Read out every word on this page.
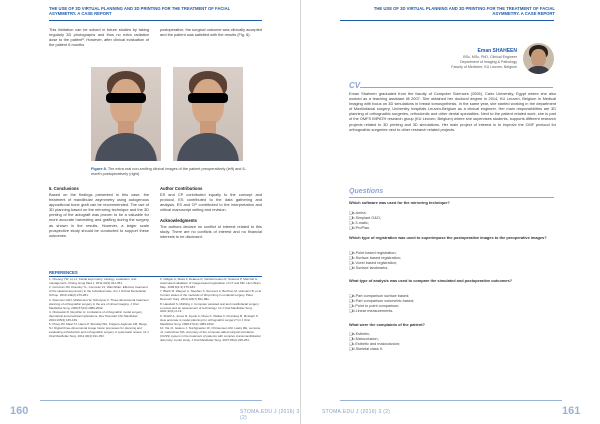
THE USE OF 3D VIRTUAL PLANNING AND 3D PRINTING FOR THE TREATMENT OF FACIAL ASYMMETRY. A CASE REPORT
This limitation can be solved in future studies by taking regularly 3D photographs and thus no extra radiation dose to the patient⁸. However, after clinical evaluation of the patient 6 months
postoperative, the surgical outcome was clinically accepted and the patient was satisfied with the results (Fig. 8).
Figure 8. The extra oral non-smiling clinical images of the patient preoperatively (left) and 6-month postoperatively (right).
5. Conclusions
Based on the findings presented in this case, the treatment of mandibular asymmetry using autogenous appositional bone graft can be recommended. The use of 3D planning based on the mirroring technique and the 3D printing of the autograft was proven to be a valuable for more accurate harvesting and grafting during the surgery as shown in the results. However, a larger scale prospective study should be conducted to support these outcomes.
Author Contributions
ES and CP contributed equally to the concept and protocol. ES contributed to the data gathering and analysis. ES and CP contributed to the interpretation and critical manuscript writing and revision.
Acknowledgments
The authors declare no conflict of interest related to this study. There are no conflicts of interest and no financial interests to be disclosed.
REFERENCES
1. Cheong YW, Lo LJ. Facial asymmetry: etiology, evaluation, and management. Chang Gung Med J. 2011;34(4):341-351.
2. Corcoran JM, Klomsky YL, Corcoran VJ, Warchilder. Effective treatment of the skeletal asymmetry in the individual case. Am J Orthod Dentofacial Orthop. 2016;149(2):276-281.
3. Swennen GRJ, Mollemans W, Schutyser F. Three-dimensional treatment planning of orthognathic surgery in the era of virtual imaging. J Oral Maxillofac Surg. 2009;67(10):2080-2092.
4. Olszewski R, Reychler H. Limitations of orthognathic model surgery: theoretical and practical implications. Rev Stomatol Chir Maxillofac. 2004;105(3):165-169.
5. Plooij JM, Maal TJ, Haers P, Borstlap WA, Kuijpers-Jagtman AM, Berge SJ. Digital three-dimensional image fusion processes for planning and evaluating orthodontics and orthognathic surgery. A systematic review. Int J Oral Maxillofac Surg. 2011;40(4):341-352.
6. Gilligan A, Maes F, Delaere D, Vandermeulen D, Suetens P. Marchal G. Automated validation of image-based registration of CT and MR. Hum Brain Map. 1999;8(2-3):175-183.
7. Blach M, Wagner A, Stephan S, Stenvers A, Buchner M, Hofmann B, et al. Current status of the methods of 3D-printing in orofacial surgery. Plast Reconstr Surg. 2010;126(7):82e-98e.
8. Hassfeld S, Mühling J. Computer assisted oral and maxillofacial surgery: a review and an assessment of technology. Int J Oral Maxillofac Surg. 2001;30(1):2-13.
9. Sharifi A, Jones R, Ayoub A, Moos K, Walker F, Khambay B, McHugh S. How accurate is model planning for orthognathic surgery? Int J Oral Maxillofac Surg. 2008;37(12):1089-1093.
10. Xia JJ, Gateno J, Teichgraeber JF, Christensen AM, Lasky RE, Lemoine JJ, Liebschner MA. Accuracy of the computer-aided surgical simulation (CASS) system in the treatment of patients with complex craniomaxillofacial deformity: A pilot study. J Oral Maxillofac Surg. 2007;65(2):248-254.
160	STOMA.EDU J (2016) 3 (2)
THE USE OF 3D VIRTUAL PLANNING AND 3D PRINTING FOR THE TREATMENT OF FACIAL ASYMMETRY. A CASE REPORT
Eman SHAHEEN
BSc, MSc, PhD, Clinical Engineer
Department of Imaging & Pathology
Faculty of Medicine, KU Leuven, Belgium
CV
Eman Shaheen graduated from the faculty of Computer Sciences (2005), Cairo University, Egypt where she also worked as a teaching assistant till 2007. She obtained her doctoral degree in 2014, KU Leuven, Belgium in Medical Imaging with focus on 3D simulations in breast tomosynthesis. In the same year, she started working in the department of Maxillofacial surgery, University hospitals Leuven-Belgium as a clinical engineer. Her main responsibilities are 3D planning of orthognathic surgeries, orthodontic and other dental specialties. Next to the patient related work, she is part of the OMFS IMPATH research group (KU Leuven, Belgium) where she supervises students, supports different research projects related to 3D printing and 3D simulations. Her main project of interest is to improve the CMF protocol for orthognathic surgeries next to other research related projects.
Questions
Which software was used for the mirroring technique?
❑a.Amira;
❑b.Simplant O&O;
❑c.3-matic;
❑d.ProPlan.
Which type of registration was used to superimpose the postoperative images to the preoperative images?
❑a.Point based registration;
❑b.Surface based registration;
❑c.Voxel based registration;
❑d.Surface landmarks.
What type of analysis was used to compare the simulated and postoperative outcomes?
❑a.Part comparison surface based;
❑b.Part comparison volumetric based;
❑c.Point to point comparison;
❑d.Linear measurements.
What were the complaints of the patient?
❑a.Esthetic;
❑b.Malocclusion;
❑c.Esthetic and malocclusion;
❑d.Skeletal class II.
STOMA.EDU J (2016) 3 (2)	161
